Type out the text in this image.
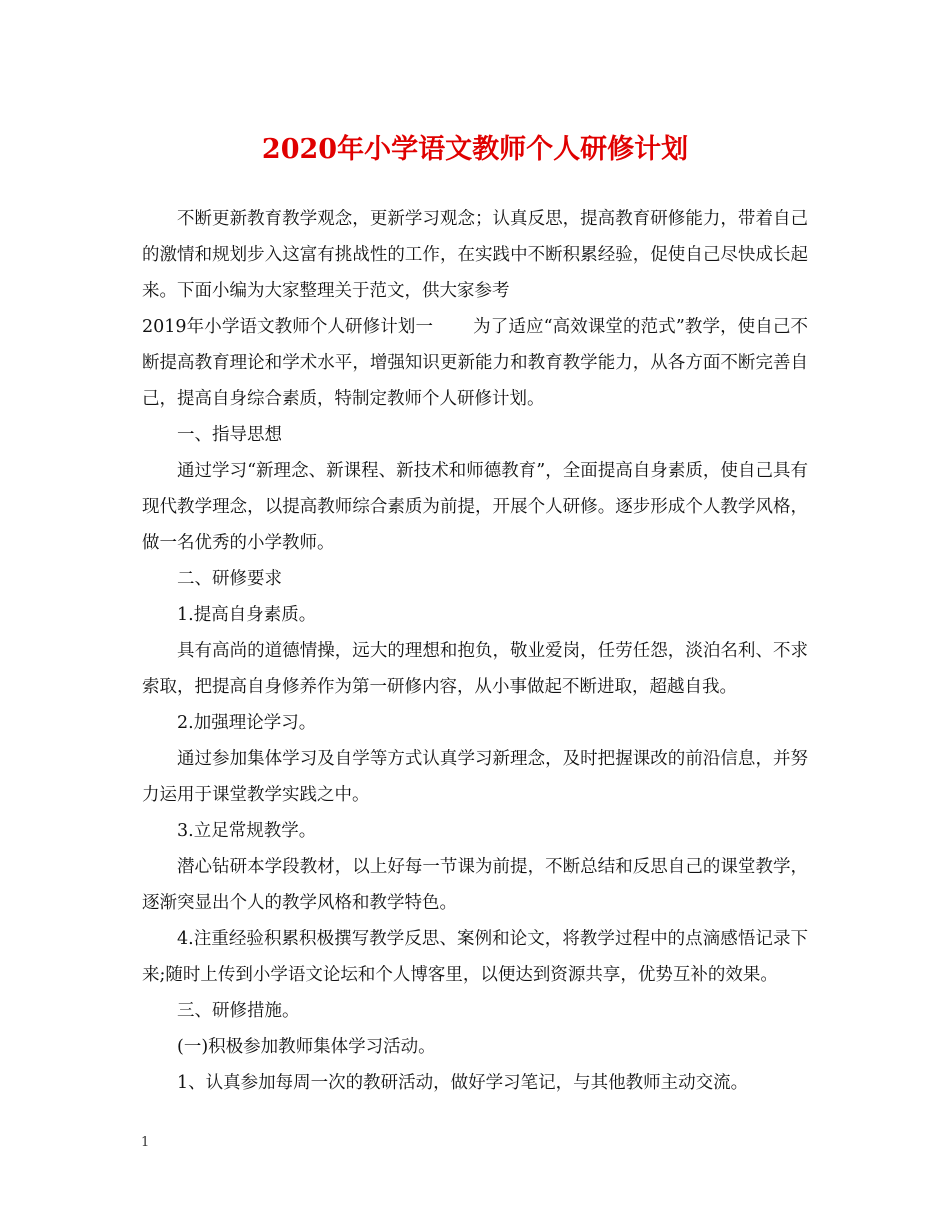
2020年小学语文教师个人研修计划

不断更新教育教学观念，更新学习观念；认真反思，提高教育研修能力，带着自己的激情和规划步入这富有挑战性的工作，在实践中不断积累经验，促使自己尽快成长起来。下面小编为大家整理关于范文，供大家参考

2019年小学语文教师个人研修计划一 为了适应“高效课堂的范式”教学，使自己不断提高教育理论和学术水平，增强知识更新能力和教育教学能力，从各方面不断完善自己，提高自身综合素质，特制定教师个人研修计划。

一、指导思想

通过学习“新理念、新课程、新技术和师德教育”，全面提高自身素质，使自己具有现代教学理念，以提高教师综合素质为前提，开展个人研修。逐步形成个人教学风格，做一名优秀的小学教师。

二、研修要求

1.提高自身素质。

具有高尚的道德情操，远大的理想和抱负，敬业爱岗，任劳任怨，淡泊名利、不求索取，把提高自身修养作为第一研修内容，从小事做起不断进取，超越自我。

2.加强理论学习。

通过参加集体学习及自学等方式认真学习新理念，及时把握课改的前沿信息，并努力运用于课堂教学实践之中。

3.立足常规教学。

潜心钻研本学段教材，以上好每一节课为前提，不断总结和反思自己的课堂教学，逐渐突显出个人的教学风格和教学特色。

4.注重经验积累积极撰写教学反思、案例和论文，将教学过程中的点滴感悟记录下来;随时上传到小学语文论坛和个人博客里，以便达到资源共享，优势互补的效果。

三、研修措施。

(一)积极参加教师集体学习活动。

1、认真参加每周一次的教研活动，做好学习笔记，与其他教师主动交流。

1
